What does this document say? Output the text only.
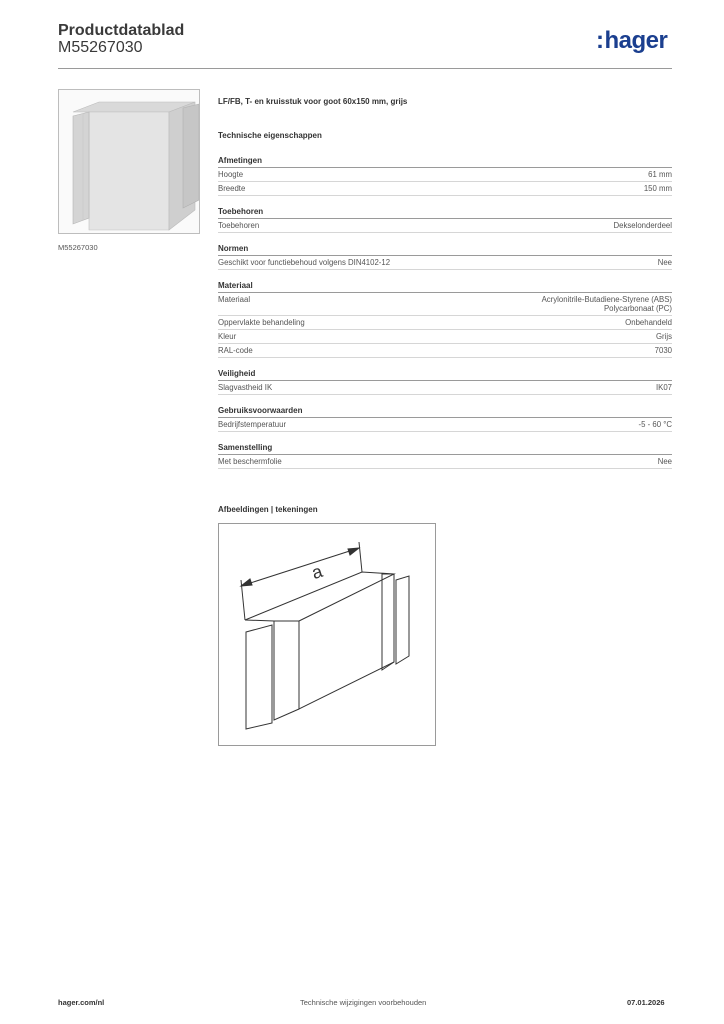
Productdatablad
M55267030	:hager
M55267030
LF/FB, T- en kruisstuk voor goot 60x150 mm, grijs
Technische eigenschappen
Afmetingen
Hoogte	61 mm
Breedte	150 mm
Toebehoren
Toebehoren	Dekselonderdeel
Normen
Geschikt voor functiebehoud volgens DIN4102-12	Nee
Materiaal
Materiaal	Acrylonitrile-Butadiene-Styrene (ABS)
Polycarbonaat (PC)
Oppervlakte behandeling	Onbehandeld
Kleur	Grijs
RAL-code	7030
Veiligheid
Slagvastheid IK	IK07
Gebruiksvoorwaarden
Bedrijfstemperatuur	-5 - 60 °C
Samenstelling
Met beschermfolie	Nee
Afbeeldingen | tekeningen
a
hager.com/nl	Technische wijzigingen voorbehouden	07.01.2026
